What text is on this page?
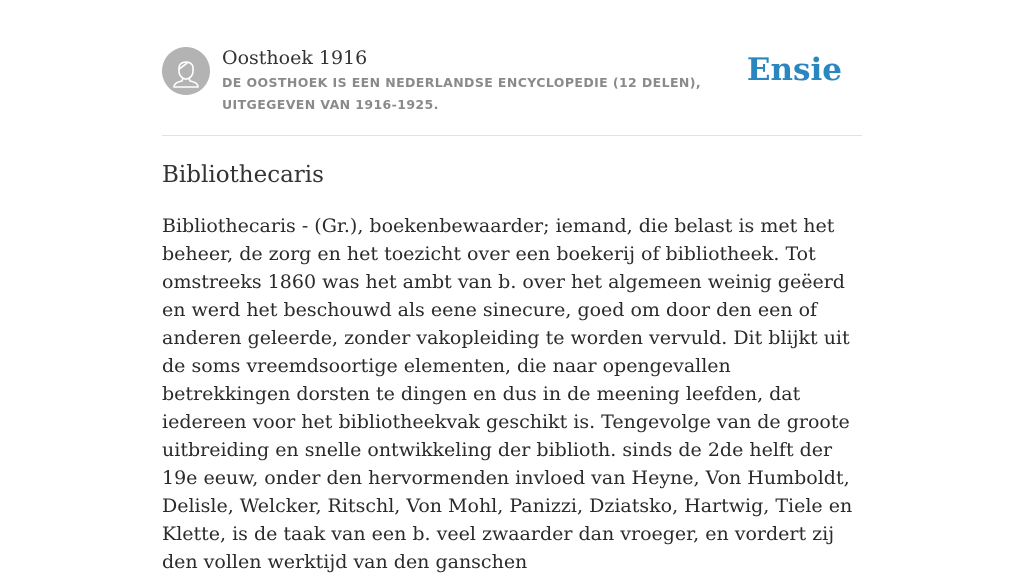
Oosthoek 1916

DE OOSTHOEK IS EEN NEDERLANDSE ENCYCLOPEDIE (12 DELEN), UITGEGEVEN VAN 1916-1925.

Ensie
Bibliothecaris

Bibliothecaris - (Gr.), boekenbewaarder; iemand, die belast is met het beheer, de zorg en het toezicht over een boekerij of bibliotheek. Tot omstreeks 1860 was het ambt van b. over het algemeen weinig geëerd en werd het beschouwd als eene sinecure, goed om door den een of anderen geleerde, zonder vakopleiding te worden vervuld. Dit blijkt uit de soms vreemdsoortige elementen, die naar opengevallen betrekkingen dorsten te dingen en dus in de meening leefden, dat iedereen voor het bibliotheekvak geschikt is. Tengevolge van de groote uitbreiding en snelle ontwikkeling der biblioth. sinds de 2de helft der 19e eeuw, onder den hervormenden invloed van Heyne, Von Humboldt, Delisle, Welcker, Ritschl, Von Mohl, Panizzi, Dziatsko, Hartwig, Tiele en Klette, is de taak van een b. veel zwaarder dan vroeger, en vordert zij den vollen werktijd van den ganschen
